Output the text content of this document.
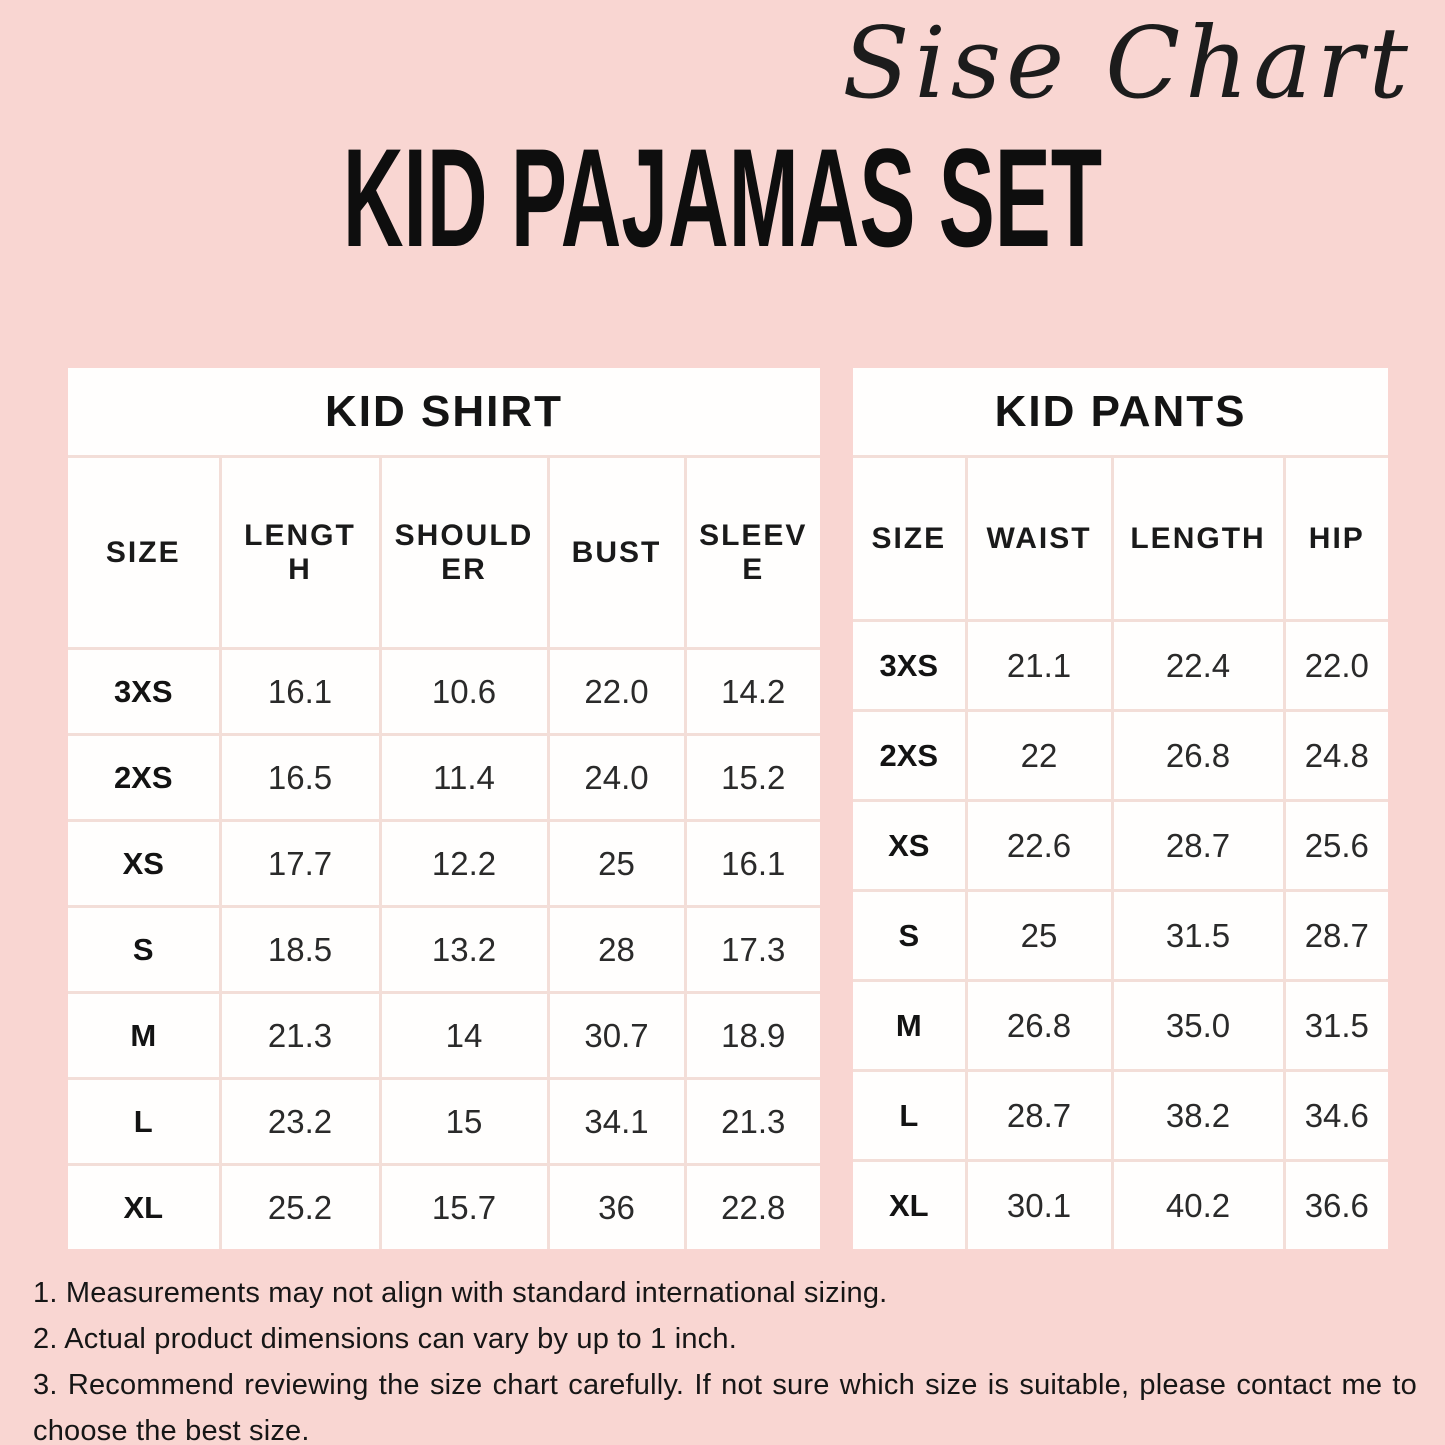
Sise Chart
KID PAJAMAS SET
KID SHIRT				
SIZE	LENGTH	SHOULDER	BUST	SLEEVE
3XS	16.1	10.6	22.0	14.2
2XS	16.5	11.4	24.0	15.2
XS	17.7	12.2	25	16.1
S	18.5	13.2	28	17.3
M	21.3	14	30.7	18.9
L	23.2	15	34.1	21.3
XL	25.2	15.7	36	22.8
KID PANTS			
SIZE	WAIST	LENGTH	HIP
3XS	21.1	22.4	22.0
2XS	22	26.8	24.8
XS	22.6	28.7	25.6
S	25	31.5	28.7
M	26.8	35.0	31.5
L	28.7	38.2	34.6
XL	30.1	40.2	36.6

1. Measurements may not align with standard international sizing.

2. Actual product dimensions can vary by up to 1 inch.

3. Recommend reviewing the size chart carefully. If not sure which size is suitable, please contact me to choose the best size.
